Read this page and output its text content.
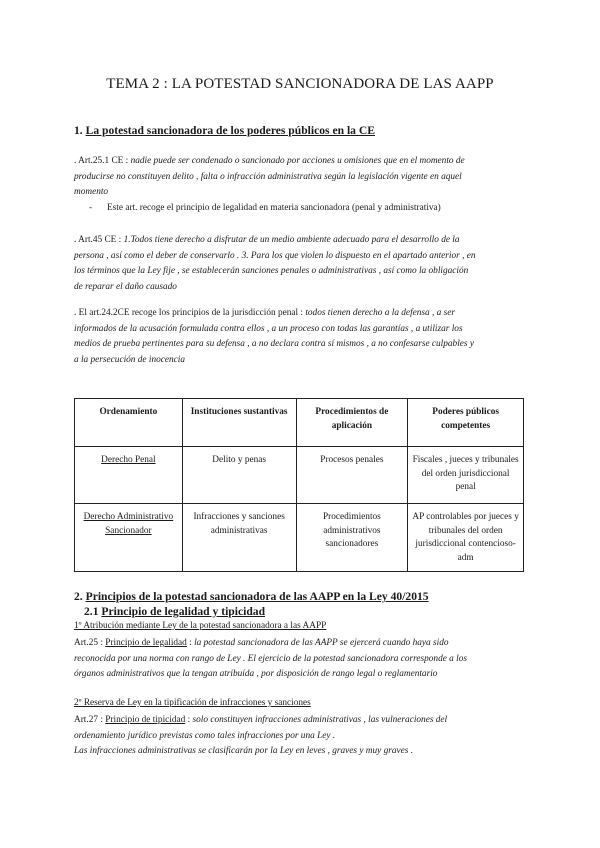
TEMA 2 : LA POTESTAD SANCIONADORA DE LAS AAPP
1. La potestad sancionadora de los poderes públicos en la CE
. Art.25.1 CE : nadie puede ser condenado o sancionado por acciones u omisiones que en el momento de
producirse no constituyen delito , falta o infracción administrativa según la legislación vigente en aquel
momento
- Este art. recoge el principio de legalidad en materia sancionadora (penal y administrativa)
. Art.45 CE : 1.Todos tiene derecho a disfrutar de un medio ambiente adecuado para el desarrollo de la
persona , así como el deber de conservarlo . 3. Para los que violen lo dispuesto en el apartado anterior , en
los términos que la Ley fije , se establecerán sanciones penales o administrativas , así como la obligación
de reparar el daño causado
. El art.24.2CE recoge los principios de la jurisdicción penal : todos tienen derecho a la defensa , a ser
informados de la acusación formulada contra ellos , a un proceso con todas las garantías , a utilizar los
medios de prueba pertinentes para su defensa , a no declara contra sí mismos , a no confesarse culpables y
a la persecución de inocencia
Ordenamiento	Instituciones sustantivas	Procedimientos de aplicación	Poderes públicos competentes
Derecho Penal	Delito y penas	Procesos penales	Fiscales , jueces y tribunales del orden jurisdiccional penal
Derecho Administrativo Sancionador	Infracciones y sanciones administrativas	Procedimientos administrativos sancionadores	AP controlables por jueces y tribunales del orden jurisdiccional contencioso-adm
2. Principios de la potestad sancionadora de las AAPP en la Ley 40/2015
2.1 Principio de legalidad y tipicidad
1º Atribución mediante Ley de la potestad sancionadora a las AAPP
Art.25 : Principio de legalidad : la potestad sancionadora de las AAPP se ejercerá cuando haya sido
reconocida por una norma con rango de Ley . El ejercicio de la potestad sancionadora corresponde a los
órganos administrativos que la tengan atribuída , por disposición de rango legal o reglamentario
2º Reserva de Ley en la tipificación de infracciones y sanciones
Art.27 : Principio de tipicidad : solo constituyen infracciones administrativas , las vulneraciones del
ordenamiento jurídico previstas como tales infracciones por una Ley .
Las infracciones administrativas se clasificarán por la Ley en leves , graves y muy graves .
